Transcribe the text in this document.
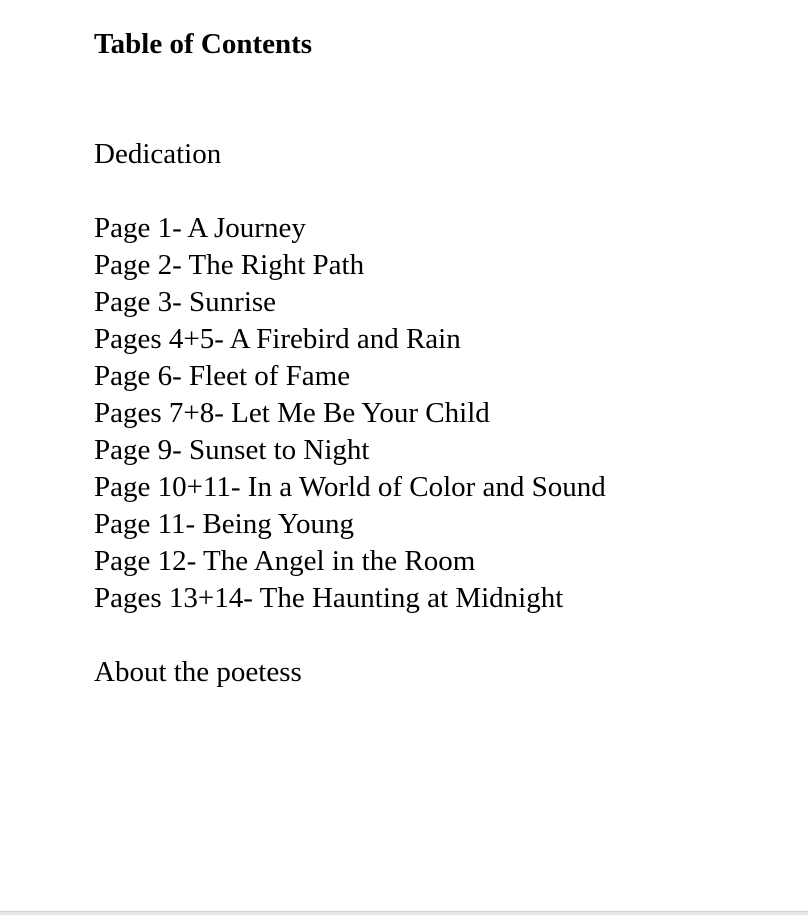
Table of Contents

Dedication

Page 1- A Journey
Page 2- The Right Path
Page 3- Sunrise
Pages 4+5- A Firebird and Rain
Page 6- Fleet of Fame
Pages 7+8- Let Me Be Your Child
Page 9- Sunset to Night
Page 10+11- In a World of Color and Sound
Page 11- Being Young
Page 12- The Angel in the Room
Pages 13+14- The Haunting at Midnight

About the poetess
